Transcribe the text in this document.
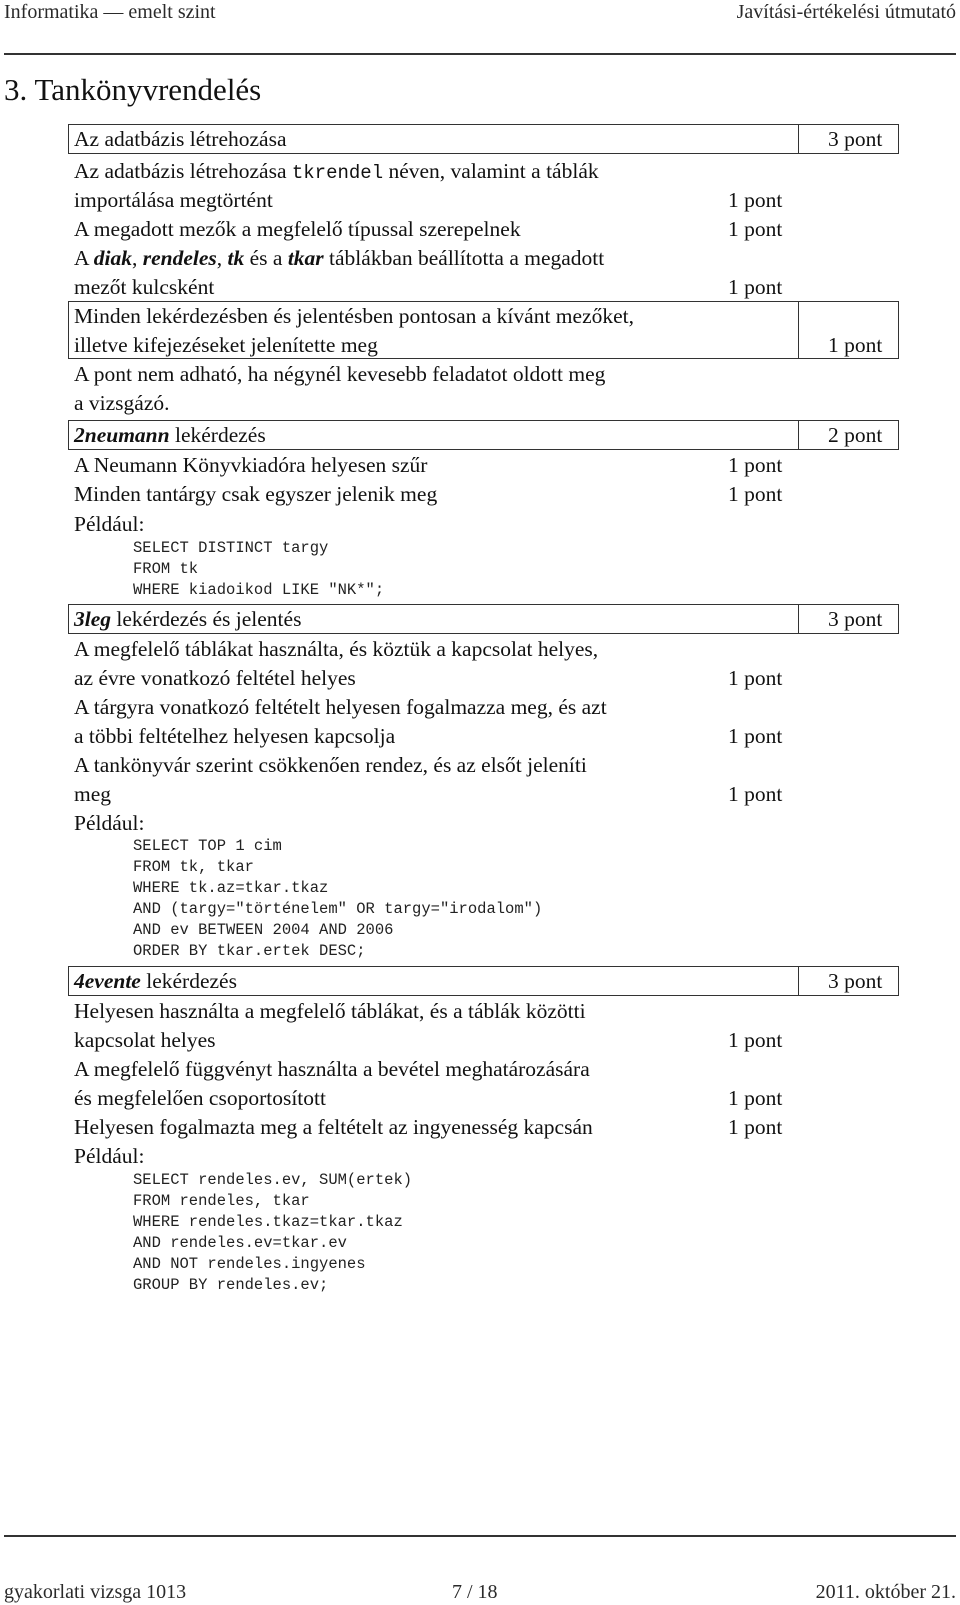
Informatika — emelt szint	Javítási-értékelési útmutató
3. Tankönyvrendelés
Az adatbázis létrehozása	3 pont
Az adatbázis létrehozása tkrendel néven, valamint a táblák
importálása megtörtént	1 pont
A megadott mezők a megfelelő típussal szerepelnek	1 pont
A diak, rendeles, tk és a tkar táblákban beállította a megadott
mezőt kulcsként	1 pont
Minden lekérdezésben és jelentésben pontosan a kívánt mezőket,
illetve kifejezéseket jelenítette meg	1 pont
A pont nem adható, ha négynél kevesebb feladatot oldott meg
a vizsgázó.
2neumann lekérdezés	2 pont
A Neumann Könyvkiadóra helyesen szűr	1 pont
Minden tantárgy csak egyszer jelenik meg	1 pont
Például:
SELECT DISTINCT targy
FROM tk
WHERE kiadoikod LIKE "NK*";
3leg lekérdezés és jelentés	3 pont
A megfelelő táblákat használta, és köztük a kapcsolat helyes,
az évre vonatkozó feltétel helyes	1 pont
A tárgyra vonatkozó feltételt helyesen fogalmazza meg, és azt
a többi feltételhez helyesen kapcsolja	1 pont
A tankönyvár szerint csökkenően rendez, és az elsőt jeleníti
meg	1 pont
Például:
SELECT TOP 1 cim
FROM tk, tkar
WHERE tk.az=tkar.tkaz
AND (targy="történelem" OR targy="irodalom")
AND ev BETWEEN 2004 AND 2006
ORDER BY tkar.ertek DESC;
4evente lekérdezés	3 pont
Helyesen használta a megfelelő táblákat, és a táblák közötti
kapcsolat helyes	1 pont
A megfelelő függvényt használta a bevétel meghatározására
és megfelelően csoportosított	1 pont
Helyesen fogalmazta meg a feltételt az ingyenesség kapcsán	1 pont
Például:
SELECT rendeles.ev, SUM(ertek)
FROM rendeles, tkar
WHERE rendeles.tkaz=tkar.tkaz
AND rendeles.ev=tkar.ev
AND NOT rendeles.ingyenes
GROUP BY rendeles.ev;
gyakorlati vizsga 1013	7 / 18	2011. október 21.
